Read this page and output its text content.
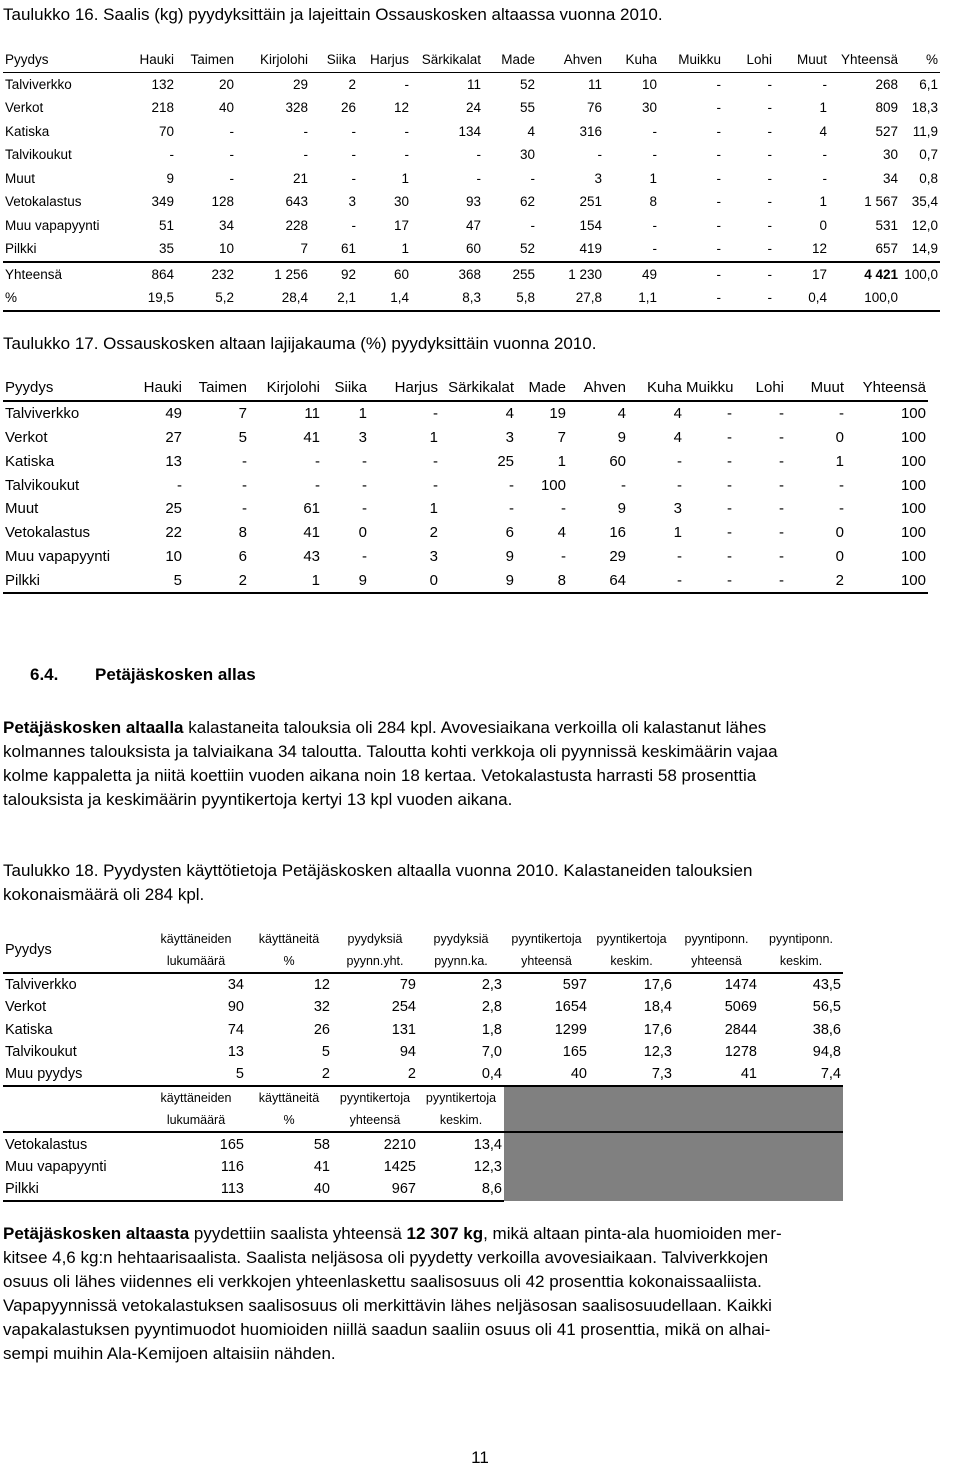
Taulukko 16. Saalis (kg) pyydyksittäin ja lajeittain Ossauskosken altaassa vuonna 2010.
Pyydys	Hauki	Taimen	Kirjolohi	Siika	Harjus	Särkikalat	Made	Ahven	Kuha	Muikku	Lohi	Muut	Yhteensä	%
Talviverkko	132	20	29	2	-	11	52	11	10	-	-	-	268	6,1
Verkot	218	40	328	26	12	24	55	76	30	-	-	1	809	18,3
Katiska	70	-	-	-	-	134	4	316	-	-	-	4	527	11,9
Talvikoukut	-	-	-	-	-	-	30	-	-	-	-	-	30	0,7
Muut	9	-	21	-	1	-	-	3	1	-	-	-	34	0,8
Vetokalastus	349	128	643	3	30	93	62	251	8	-	-	1	1 567	35,4
Muu vapapyynti	51	34	228	-	17	47	-	154	-	-	-	0	531	12,0
Pilkki	35	10	7	61	1	60	52	419	-	-	-	12	657	14,9
Yhteensä	864	232	1 256	92	60	368	255	1 230	49	-	-	17	4 421	100,0
%	19,5	5,2	28,4	2,1	1,4	8,3	5,8	27,8	1,1	-	-	0,4	100,0	
Taulukko 17. Ossauskosken altaan lajijakauma (%) pyydyksittäin vuonna 2010.
Pyydys	Hauki	Taimen	Kirjolohi	Siika	Harjus	Särkikalat	Made	Ahven	Kuha	Muikku	Lohi	Muut	Yhteensä
Talviverkko	49	7	11	1	-	4	19	4	4	-	-	-	100
Verkot	27	5	41	3	1	3	7	9	4	-	-	0	100
Katiska	13	-	-	-	-	25	1	60	-	-	-	1	100
Talvikoukut	-	-	-	-	-	-	100	-	-	-	-	-	100
Muut	25	-	61	-	1	-	-	9	3	-	-	-	100
Vetokalastus	22	8	41	0	2	6	4	16	1	-	-	0	100
Muu vapapyynti	10	6	43	-	3	9	-	29	-	-	-	0	100
Pilkki	5	2	1	9	0	9	8	64	-	-	-	2	100
6.4. Petäjäskosken allas
Petäjäskosken altaalla kalastaneita talouksia oli 284 kpl. Avovesiaikana verkoilla oli kalastanut lähes
kolmannes talouksista ja talviaikana 34 taloutta. Taloutta kohti verkkoja oli pyynnissä keskimäärin vajaa
kolme kappaletta ja niitä koettiin vuoden aikana noin 18 kertaa. Vetokalastusta harrasti 58 prosenttia
talouksista ja keskimäärin pyyntikertoja kertyi 13 kpl vuoden aikana.
Taulukko 18. Pyydysten käyttötietoja Petäjäskosken altaalla vuonna 2010. Kalastaneiden talouksien
kokonaismäärä oli 284 kpl.
Pyydys	käyttäneiden	käyttäneitä	pyydyksiä	pyydyksiä	pyyntikertoja	pyyntikertoja	pyyntiponn.	pyyntiponn.
	lukumäärä	%	pyynn.yht.	pyynn.ka.	yhteensä	keskim.	yhteensä	keskim.
Talviverkko	34	12	79	2,3	597	17,6	1474	43,5
Verkot	90	32	254	2,8	1654	18,4	5069	56,5
Katiska	74	26	131	1,8	1299	17,6	2844	38,6
Talvikoukut	13	5	94	7,0	165	12,3	1278	94,8
Muu pyydys	5	2	2	0,4	40	7,3	41	7,4
	käyttäneiden	käyttäneitä	pyyntikertoja	pyyntikertoja				
	lukumäärä	%	yhteensä	keskim.				
Vetokalastus	165	58	2210	13,4				
Muu vapapyynti	116	41	1425	12,3				
Pilkki	113	40	967	8,6				
Petäjäskosken altaasta pyydettiin saalista yhteensä 12 307 kg, mikä altaan pinta-ala huomioiden mer-
kitsee 4,6 kg:n hehtaarisaalista. Saalista neljäsosa oli pyydetty verkoilla avovesiaikaan. Talviverkkojen
osuus oli lähes viidennes eli verkkojen yhteenlaskettu saalisosuus oli 42 prosenttia kokonaissaaliista.
Vapapyynnissä vetokalastuksen saalisosuus oli merkittävin lähes neljäsosan saalisosuudellaan. Kaikki
vapakalastuksen pyyntimuodot huomioiden niillä saadun saaliin osuus oli 41 prosenttia, mikä on alhai-
sempi muihin Ala-Kemijoen altaisiin nähden.
11
